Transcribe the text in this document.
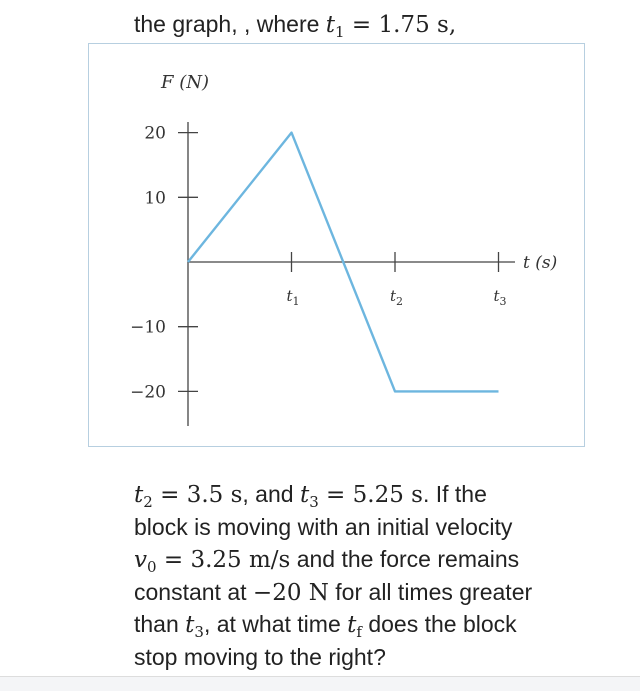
the graph, , where $t_1 = 1.75$ s,
20
10
−10
−20
$t_1$	$t_2$	$t_3$
F (N)
t (s)
$t_2 = 3.5$ s, and $t_3 = 5.25$ s. If the
block is moving with an initial velocity
$v_0 = 3.25$ m/s and the force remains
constant at −20 N for all times greater
than $t_3$, at what time $t_f$ does the block
stop moving to the right?
